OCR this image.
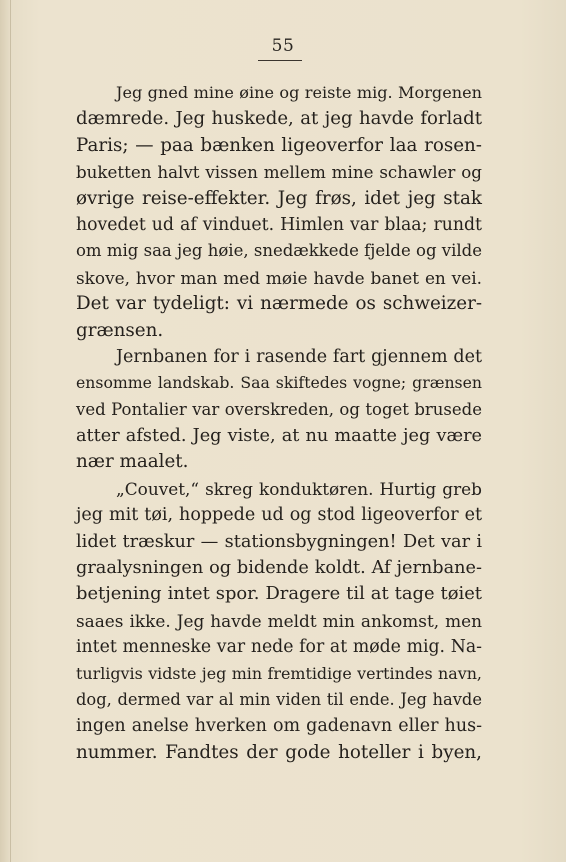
55
Jeg gned mine øine og reiste mig. Morgenen
dæmrede. Jeg huskede, at jeg havde forladt
Paris; — paa bænken ligeoverfor laa rosen-
buketten halvt vissen mellem mine schawler og
øvrige reise-effekter. Jeg frøs, idet jeg stak
hovedet ud af vinduet. Himlen var blaa; rundt
om mig saa jeg høie, snedækkede fjelde og vilde
skove, hvor man med møie havde banet en vei.
Det var tydeligt: vi nærmede os schweizer-
grænsen.
Jernbanen for i rasende fart gjennem det
ensomme landskab. Saa skiftedes vogne; grænsen
ved Pontalier var overskreden, og toget brusede
atter afsted. Jeg viste, at nu maatte jeg være
nær maalet.
„Couvet,“ skreg konduktøren. Hurtig greb
jeg mit tøi, hoppede ud og stod ligeoverfor et
lidet træskur — stationsbygningen! Det var i
graalysningen og bidende koldt. Af jernbane-
betjening intet spor. Dragere til at tage tøiet
saaes ikke. Jeg havde meldt min ankomst, men
intet menneske var nede for at møde mig. Na-
turligvis vidste jeg min fremtidige vertindes navn,
dog, dermed var al min viden til ende. Jeg havde
ingen anelse hverken om gadenavn eller hus-
nummer. Fandtes der gode hoteller i byen,
